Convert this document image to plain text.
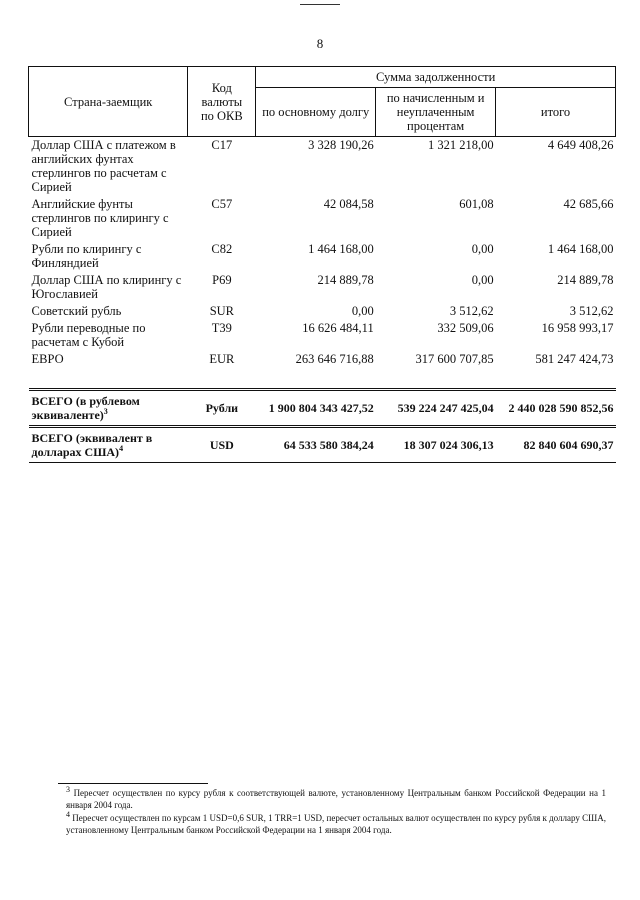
8
Страна-заемщик	Код валюты по ОКВ	Сумма задолженности		
		по основному долгу	по начисленным и неуплаченным процентам	итого
Доллар США с платежом в английских фунтах стерлингов по расчетам с Сирией	C17	3 328 190,26	1 321 218,00	4 649 408,26
Английские фунты стерлингов по клирингу с Сирией	C57	42 084,58	601,08	42 685,66
Рубли по клирингу с Финляндией	C82	1 464 168,00	0,00	1 464 168,00
Доллар США по клирингу с Югославией	P69	214 889,78	0,00	214 889,78
Советский рубль	SUR	0,00	3 512,62	3 512,62
Рубли переводные по расчетам с Кубой	T39	16 626 484,11	332 509,06	16 958 993,17
ЕВРО	EUR	263 646 716,88	317 600 707,85	581 247 424,73
ВСЕГО (в рублевом эквиваленте)$^3$	Рубли	1 900 804 343 427,52	539 224 247 425,04	2 440 028 590 852,56
ВСЕГО (эквивалент в долларах США)$^4$	USD	64 533 580 384,24	18 307 024 306,13	82 840 604 690,37

$^3$ Пересчет осуществлен по курсу рубля к соответствующей валюте, установленному Центральным банком Российской Федерации на 1 января 2004 года.

$^4$ Пересчет осуществлен по курсам 1 USD=0,6 SUR, 1 TRR=1 USD, пересчет остальных валют осуществлен по курсу рубля к доллару США, установленному Центральным банком Российской Федерации на 1 января 2004 года.
